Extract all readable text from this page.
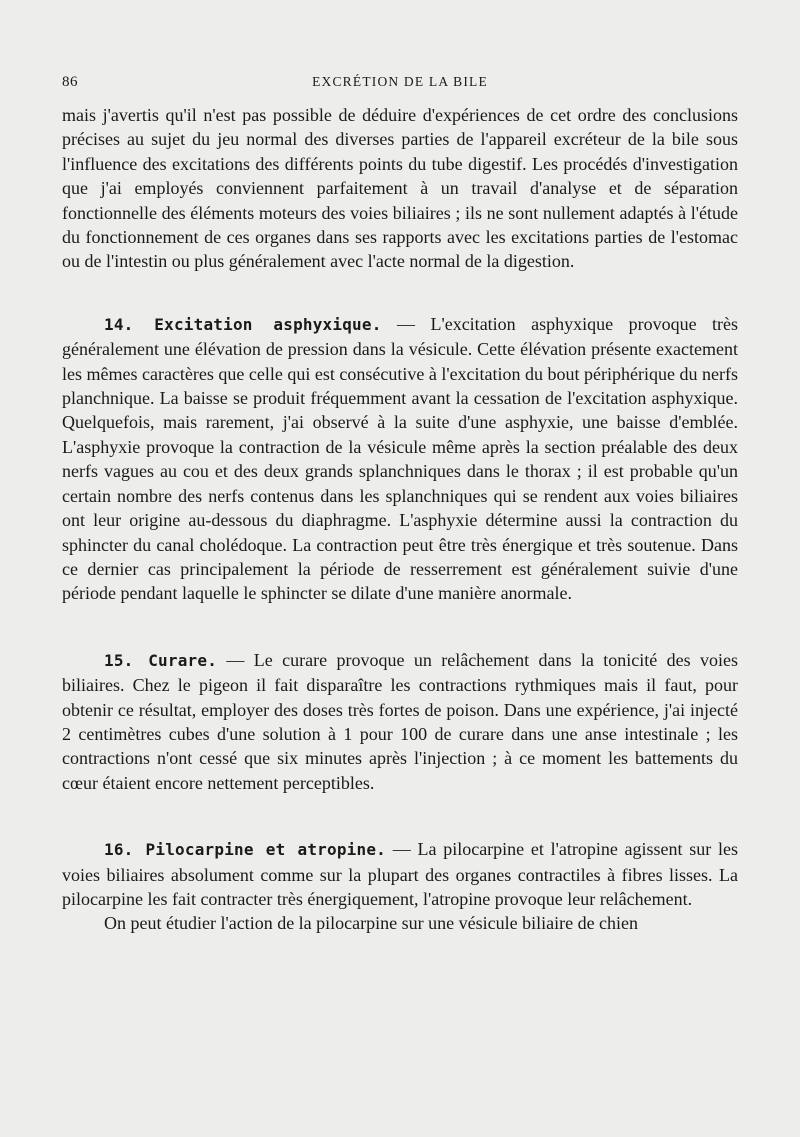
86	EXCRÉTION DE LA BILE

mais j'avertis qu'il n'est pas possible de déduire d'expériences de cet ordre des conclusions précises au sujet du jeu normal des diverses parties de l'appareil excréteur de la bile sous l'influence des excitations des différents points du tube digestif. Les procédés d'investigation que j'ai employés conviennent parfaitement à un travail d'analyse et de séparation fonctionnelle des éléments moteurs des voies biliaires ; ils ne sont nullement adaptés à l'étude du fonctionnement de ces organes dans ses rapports avec les excitations parties de l'estomac ou de l'intestin ou plus généralement avec l'acte normal de la digestion.

14. Excitation asphyxique. — L'excitation asphyxique provoque très généralement une élévation de pression dans la vésicule. Cette élévation présente exactement les mêmes caractères que celle qui est consécutive à l'excitation du bout périphérique du nerfs planchnique. La baisse se produit fréquemment avant la cessation de l'excitation asphyxique. Quelquefois, mais rarement, j'ai observé à la suite d'une asphyxie, une baisse d'emblée. L'asphyxie provoque la contraction de la vésicule même après la section préalable des deux nerfs vagues au cou et des deux grands splanchniques dans le thorax ; il est probable qu'un certain nombre des nerfs contenus dans les splanchniques qui se rendent aux voies biliaires ont leur origine au-dessous du diaphragme. L'asphyxie détermine aussi la contraction du sphincter du canal cholédoque. La contraction peut être très énergique et très soutenue. Dans ce dernier cas principalement la période de resserrement est généralement suivie d'une période pendant laquelle le sphincter se dilate d'une manière anormale.

15. Curare. — Le curare provoque un relâchement dans la tonicité des voies biliaires. Chez le pigeon il fait disparaître les contractions rythmiques mais il faut, pour obtenir ce résultat, employer des doses très fortes de poison. Dans une expérience, j'ai injecté 2 centimètres cubes d'une solution à 1 pour 100 de curare dans une anse intestinale ; les contractions n'ont cessé que six minutes après l'injection ; à ce moment les battements du cœur étaient encore nettement perceptibles.

16. Pilocarpine et atropine. — La pilocarpine et l'atropine agissent sur les voies biliaires absolument comme sur la plupart des organes contractiles à fibres lisses. La pilocarpine les fait contracter très énergiquement, l'atropine provoque leur relâchement.

On peut étudier l'action de la pilocarpine sur une vésicule biliaire de chien
